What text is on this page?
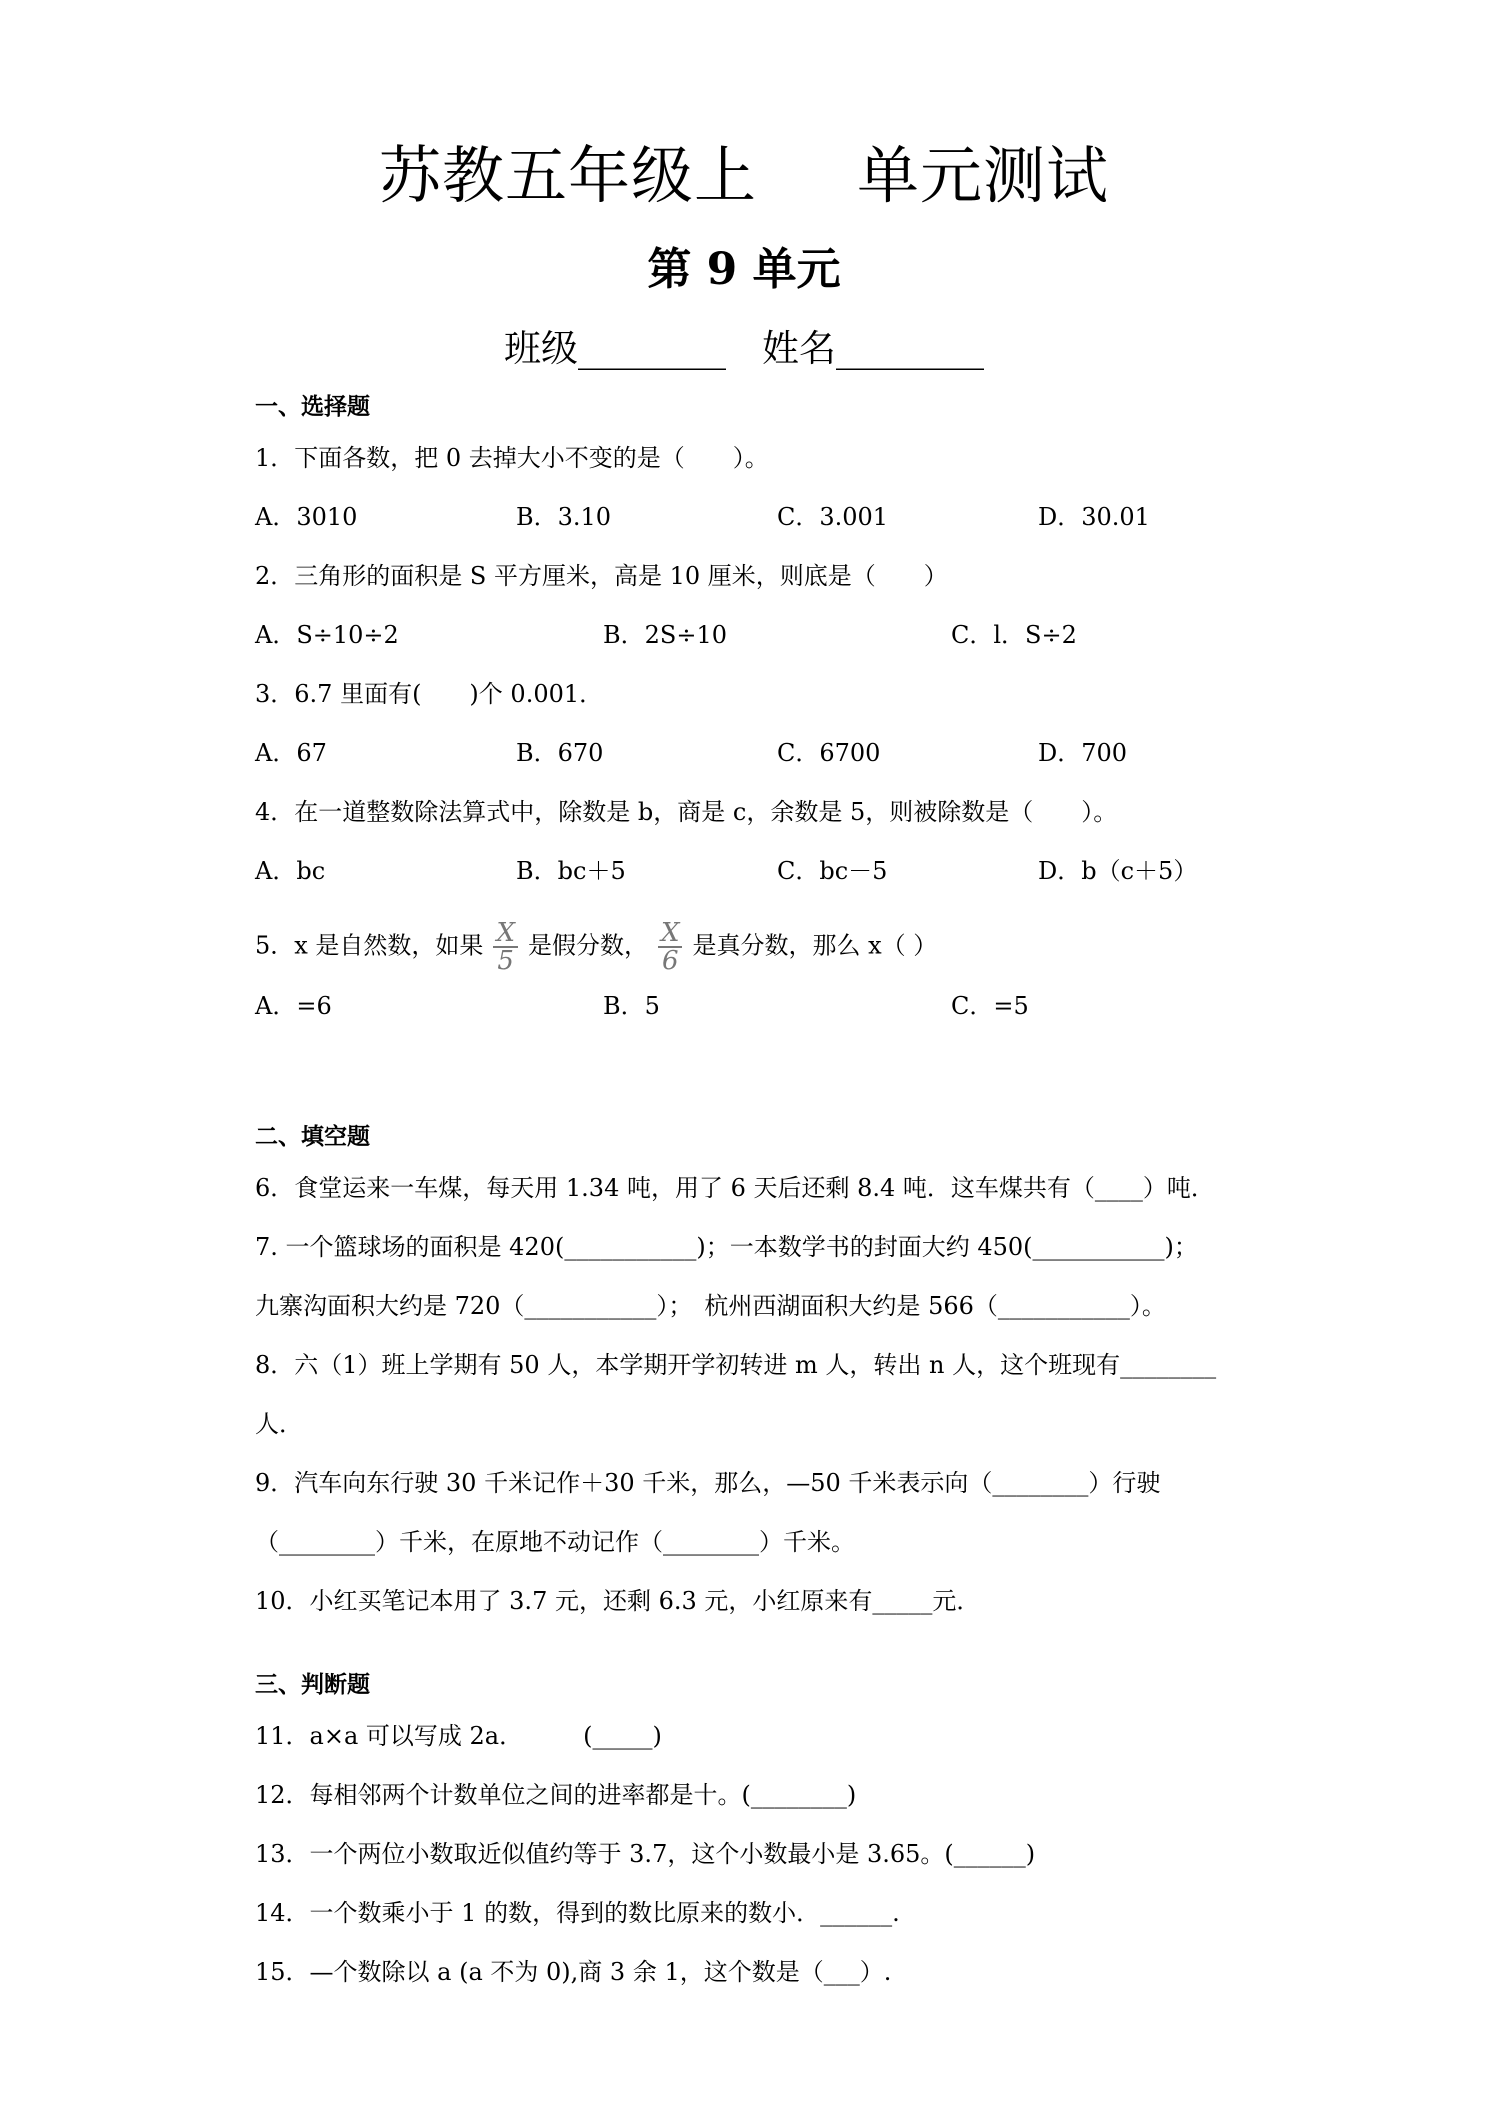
苏教五年级上 单元测试
第 9 单元
班级________ 姓名________
一、选择题
1．下面各数，把 0 去掉大小不变的是（　　）。
A．3010	B．3.10	C．3.001	D．30.01
2．三角形的面积是 S 平方厘米，高是 10 厘米，则底是（　　）
A．S÷10÷2	B．2S÷10	C．l．S÷2
3．6.7 里面有(　　)个 0.001．
A．67	B．670	C．6700	D．700
4．在一道整数除法算式中，除数是 b，商是 c，余数是 5，则被除数是（　　）。
A．bc	B．bc＋5	C．bc－5	D．b（c＋5）
5．x 是自然数，如果 $\frac{X}{5}$ 是假分数， $\frac{X}{6}$ 是真分数，那么 x（ ）
A．=6	B．5	C．=5
二、填空题
6．食堂运来一车煤，每天用 1.34 吨，用了 6 天后还剩 8.4 吨．这车煤共有（____）吨．
7. 一个篮球场的面积是 420(___________)；一本数学书的封面大约 450(___________)；
九寨沟面积大约是 720（___________）；　杭州西湖面积大约是 566（___________）。
8．六（1）班上学期有 50 人，本学期开学初转进 m 人，转出 n 人，这个班现有________
人．
9．汽车向东行驶 30 千米记作＋30 千米，那么，—50 千米表示向（________）行驶
（________）千米，在原地不动记作（________）千米。
10．小红买笔记本用了 3.7 元，还剩 6.3 元，小红原来有_____元．
三、判断题
11．a×a 可以写成 2a．　　　(_____)
12．每相邻两个计数单位之间的进率都是十。(________)
13．一个两位小数取近似值约等于 3.7，这个小数最小是 3.65。(______)
14．一个数乘小于 1 的数，得到的数比原来的数小．______.
15．—个数除以 a (a 不为 0),商 3 余 1，这个数是（___）.
